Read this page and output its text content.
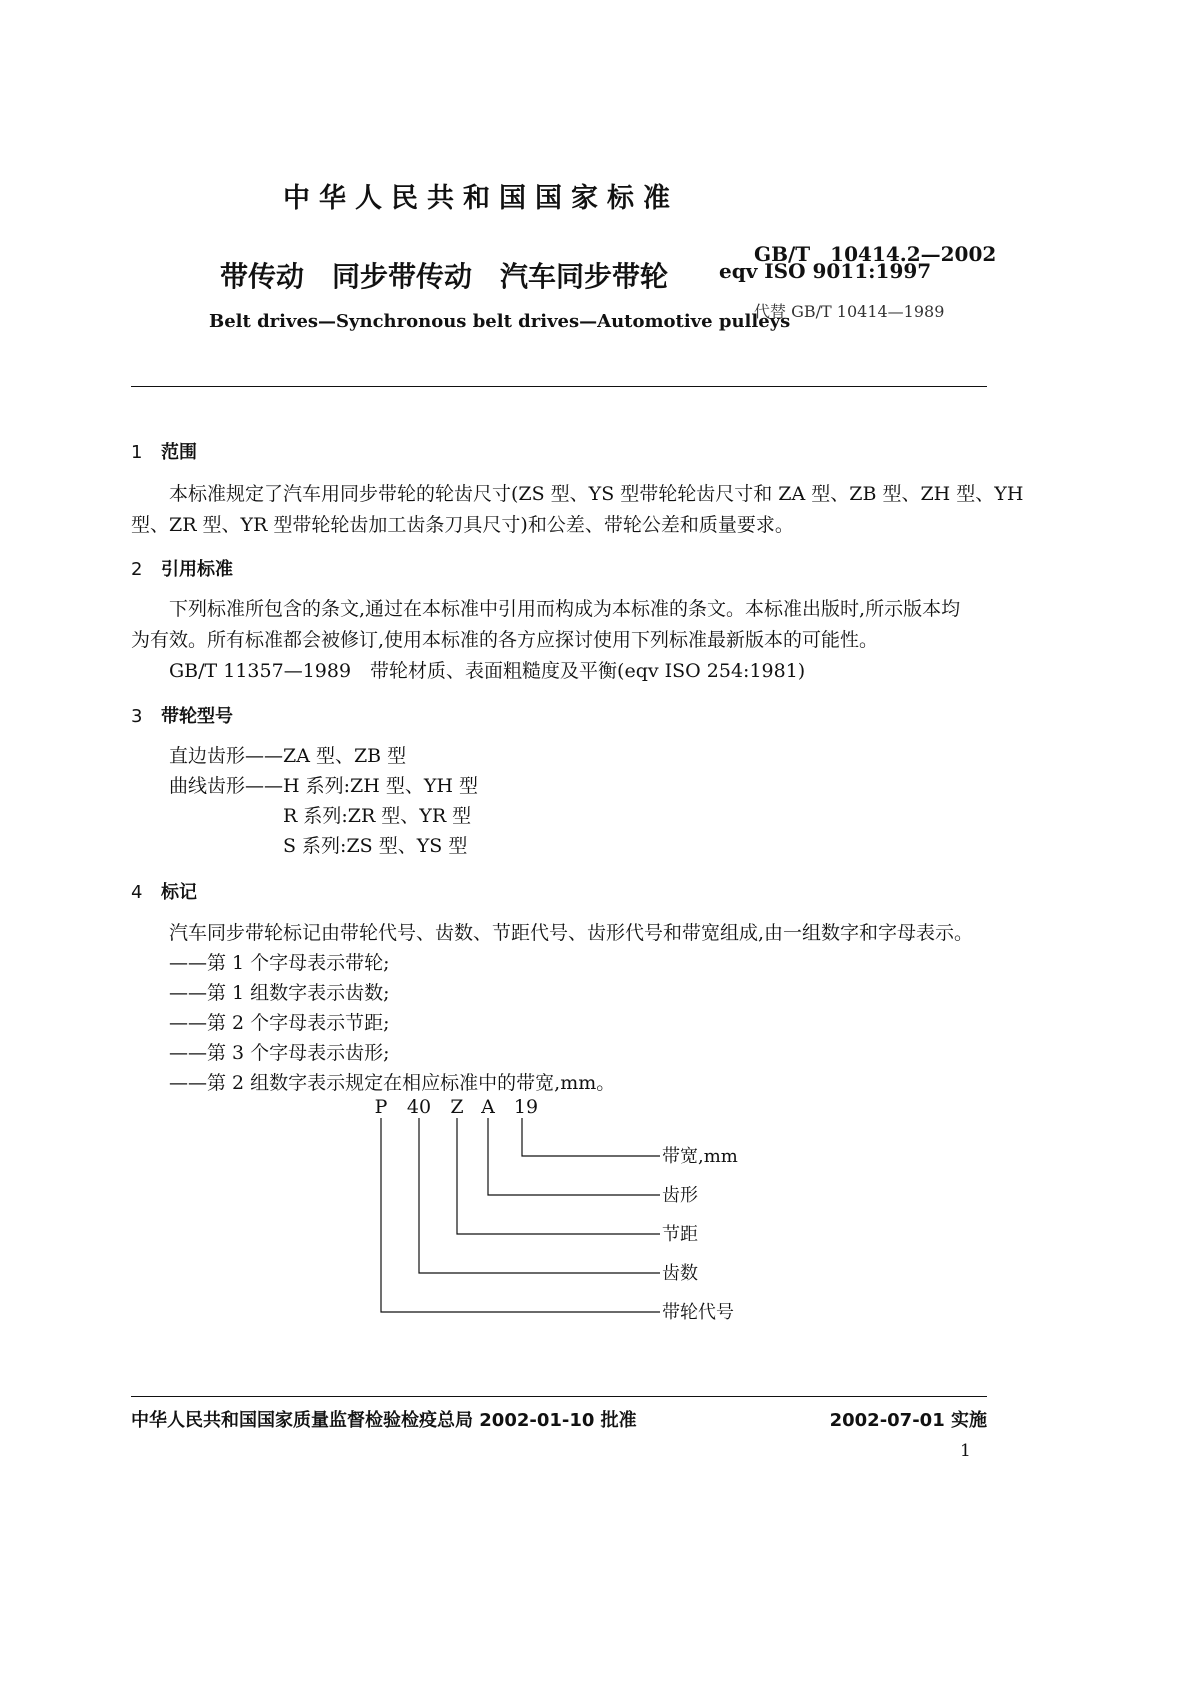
中华人民共和国国家标准
带传动　同步带传动　汽车同步带轮
Belt drives—Synchronous belt drives—Automotive pulleys
GB/T　10414.2—2002
eqv ISO 9011:1997
代替 GB/T 10414—1989
1 范围
本标准规定了汽车用同步带轮的轮齿尺寸(ZS 型、YS 型带轮轮齿尺寸和 ZA 型、ZB 型、ZH 型、YH
型、ZR 型、YR 型带轮轮齿加工齿条刀具尺寸)和公差、带轮公差和质量要求。
2 引用标准
下列标准所包含的条文,通过在本标准中引用而构成为本标准的条文。本标准出版时,所示版本均
为有效。所有标准都会被修订,使用本标准的各方应探讨使用下列标准最新版本的可能性。
GB/T 11357—1989　带轮材质、表面粗糙度及平衡(eqv ISO 254:1981)
3 带轮型号
直边齿形——ZA 型、ZB 型
曲线齿形——H 系列:ZH 型、YH 型
R 系列:ZR 型、YR 型
S 系列:ZS 型、YS 型
4 标记
汽车同步带轮标记由带轮代号、齿数、节距代号、齿形代号和带宽组成,由一组数字和字母表示。
——第 1 个字母表示带轮;
——第 1 组数字表示齿数;
——第 2 个字母表示节距;
——第 3 个字母表示齿形;
——第 2 组数字表示规定在相应标准中的带宽,mm。
P 40 Z A 19
带宽,mm
齿形
节距
齿数
带轮代号
中华人民共和国国家质量监督检验检疫总局 2002-01-10 批准	2002-07-01 实施
1
